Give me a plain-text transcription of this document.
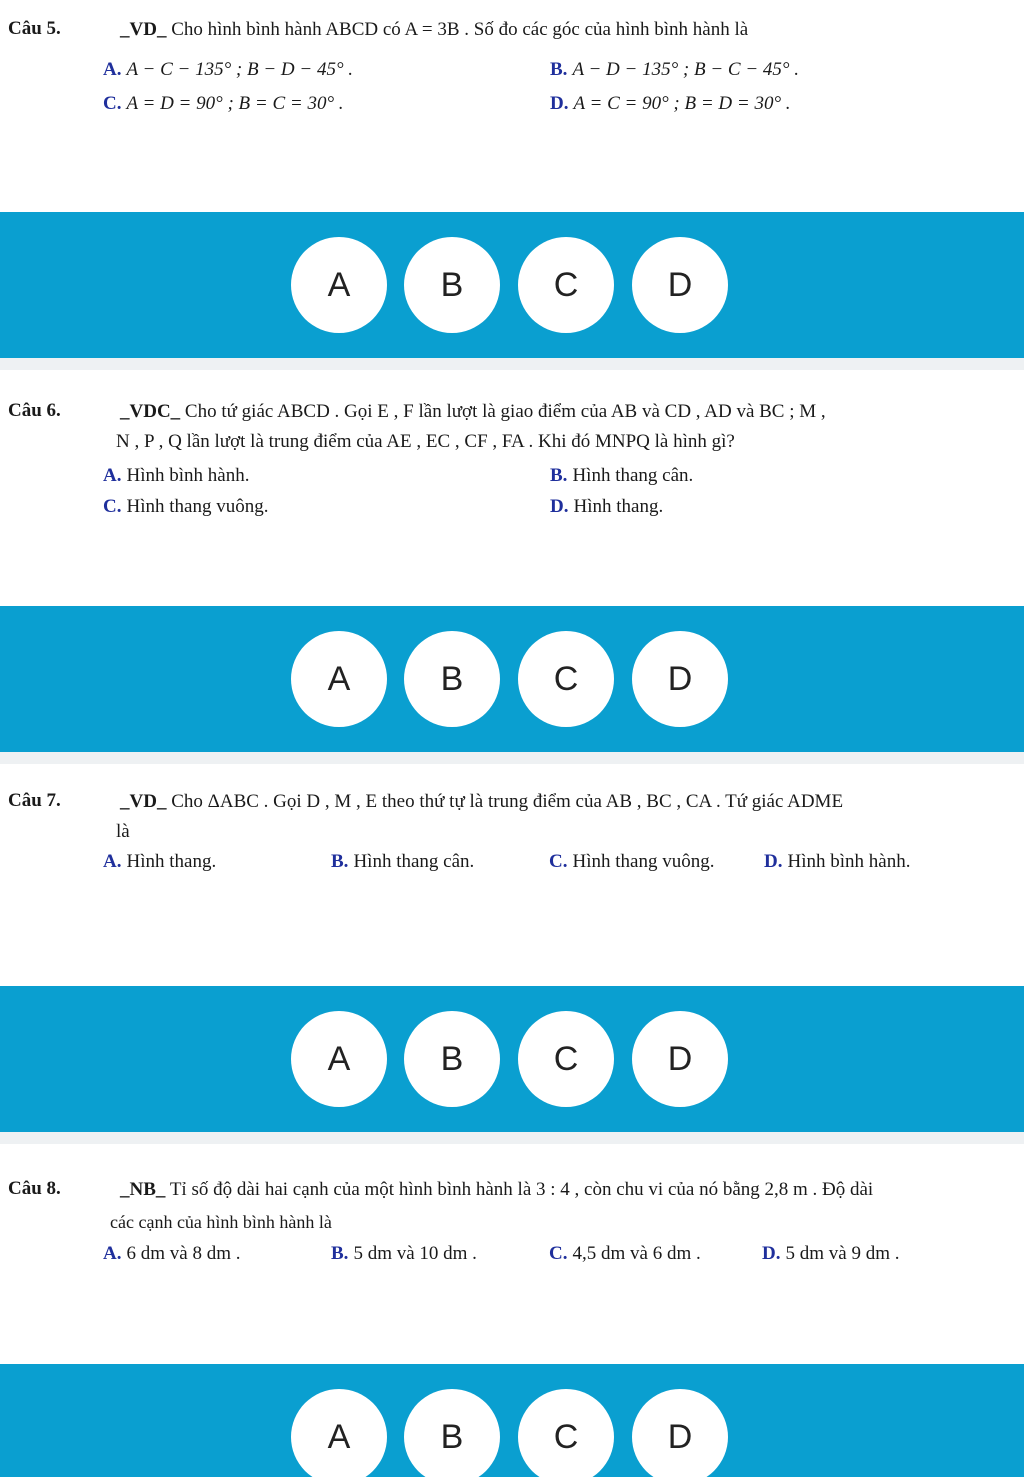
Câu 5.	_VD_ Cho hình bình hành ABCD có A = 3B . Số đo các góc của hình bình hành là
A. A − C − 135° ; B − D − 45° .	B. A − D − 135° ; B − C − 45° .
C. A = D = 90° ; B = C = 30° .	D. A = C = 90° ; B = D = 30° .
A	B	C	D
Câu 6.	_VDC_ Cho tứ giác ABCD . Gọi E , F lần lượt là giao điểm của AB và CD , AD và BC ; M ,
N , P , Q lần lượt là trung điểm của AE , EC , CF , FA . Khi đó MNPQ là hình gì?
A. Hình bình hành.	B. Hình thang cân.
C. Hình thang vuông.	D. Hình thang.
A	B	C	D
Câu 7.	_VD_ Cho ΔABC . Gọi D , M , E theo thứ tự là trung điểm của AB , BC , CA . Tứ giác ADME
là
A. Hình thang.	B. Hình thang cân.	C. Hình thang vuông.	D. Hình bình hành.
A	B	C	D
Câu 8.	_NB_ Tỉ số độ dài hai cạnh của một hình bình hành là 3 : 4 , còn chu vi của nó bằng 2,8 m . Độ dài
các cạnh của hình bình hành là
A. 6 dm và 8 dm .	B. 5 dm và 10 dm .	C. 4,5 dm và 6 dm .	D. 5 dm và 9 dm .
A	B	C	D
